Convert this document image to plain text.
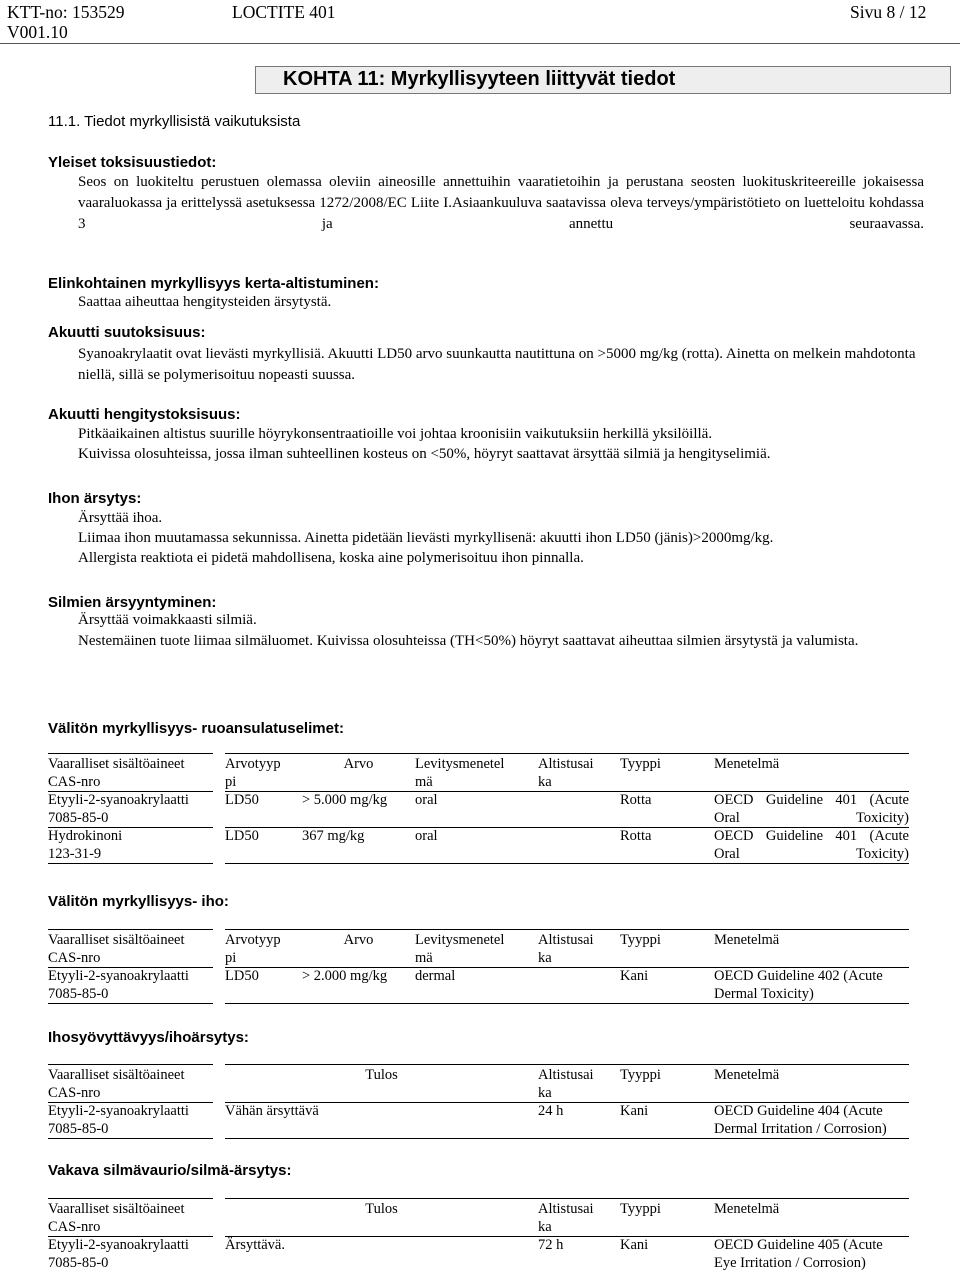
KTT-no: 153529
V001.10
LOCTITE 401	Sivu 8 / 12
KOHTA 11: Myrkyllisyyteen liittyvät tiedot
11.1. Tiedot myrkyllisistä vaikutuksista
Yleiset toksisuustiedot:
Seos on luokiteltu perustuen olemassa oleviin aineosille annettuihin vaaratietoihin ja perustana seosten luokituskriteereille jokaisessa vaaraluokassa ja erittelyssä asetuksessa 1272/2008/EC Liite I.Asiaankuuluva saatavissa oleva terveys/ympäristötieto on luetteloitu kohdassa 3 ja annettu seuraavassa.
Elinkohtainen myrkyllisyys kerta-altistuminen:
Saattaa aiheuttaa hengitysteiden ärsytystä.
Akuutti suutoksisuus:
Syanoakrylaatit ovat lievästi myrkyllisiä. Akuutti LD50 arvo suunkautta nautittuna on >5000 mg/kg (rotta). Ainetta on melkein mahdotonta niellä, sillä se polymerisoituu nopeasti suussa.
Akuutti hengitystoksisuus:
Pitkäaikainen altistus suurille höyrykonsentraatioille voi johtaa kroonisiin vaikutuksiin herkillä yksilöillä.
Kuivissa olosuhteissa, jossa ilman suhteellinen kosteus on <50%, höyryt saattavat ärsyttää silmiä ja hengityselimiä.
Ihon ärsytys:
Ärsyttää ihoa.
Liimaa ihon muutamassa sekunnissa. Ainetta pidetään lievästi myrkyllisenä: akuutti ihon LD50 (jänis)>2000mg/kg.
Allergista reaktiota ei pidetä mahdollisena, koska aine polymerisoituu ihon pinnalla.
Silmien ärsyyntyminen:
Ärsyttää voimakkaasti silmiä.
Nestemäinen tuote liimaa silmäluomet. Kuivissa olosuhteissa (TH<50%) höyryt saattavat aiheuttaa silmien ärsytystä ja valumista.
Välitön myrkyllisyys- ruoansulatuselimet:
Vaaralliset sisältöaineet
CAS-nro		Arvotyyp
pi	Arvo	Levitysmenetel
mä	Altistusai
ka	Tyyppi	Menetelmä
Etyyli-2-syanoakrylaatti
7085-85-0		LD50	> 5.000 mg/kg	oral		Rotta	OECD Guideline 401 (Acute
Oral Toxicity)
Hydrokinoni
123-31-9		LD50	367 mg/kg	oral		Rotta	OECD Guideline 401 (Acute
Oral Toxicity)
Välitön myrkyllisyys- iho:
Vaaralliset sisältöaineet
CAS-nro		Arvotyyp
pi	Arvo	Levitysmenetel
mä	Altistusai
ka	Tyyppi	Menetelmä
Etyyli-2-syanoakrylaatti
7085-85-0		LD50	> 2.000 mg/kg	dermal		Kani	OECD Guideline 402 (Acute
Dermal Toxicity)
Ihosyövyttävyys/ihoärsytys:
Vaaralliset sisältöaineet
CAS-nro		Tulos	Altistusai
ka	Tyyppi	Menetelmä
Etyyli-2-syanoakrylaatti
7085-85-0		Vähän ärsyttävä	24 h	Kani	OECD Guideline 404 (Acute
Dermal Irritation / Corrosion)
Vakava silmävaurio/silmä-ärsytys:
Vaaralliset sisältöaineet
CAS-nro		Tulos	Altistusai
ka	Tyyppi	Menetelmä
Etyyli-2-syanoakrylaatti
7085-85-0		Ärsyttävä.	72 h	Kani	OECD Guideline 405 (Acute
Eye Irritation / Corrosion)
